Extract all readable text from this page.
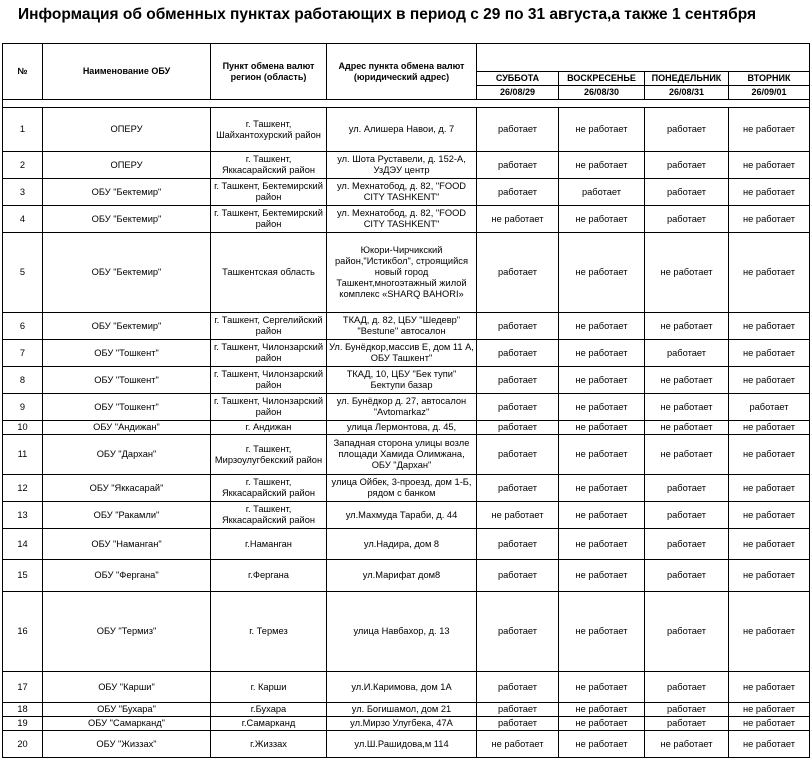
Информация об обменных пунктах работающих в период с 29 по 31 августа,а также 1 сентября
№	Наименование ОБУ	Пункт обмена валют регион (область)	Адрес пункта обмена валют (юридический адрес)				
				СУББОТА	ВОСКРЕСЕНЬЕ	ПОНЕДЕЛЬНИК	ВТОРНИК
				26/08/29	26/08/30	26/08/31	26/09/01

1	ОПЕРУ	г. Ташкент, Шайхантохурский район	ул. Алишера Навои, д. 7	работает	не работает	работает	не работает
2	ОПЕРУ	г. Ташкент, Яккасарайский район	ул. Шота Руставели, д. 152-А, УзДЭУ центр	работает	не работает	работает	не работает
3	ОБУ "Бектемир"	г. Ташкент, Бектемирский район	ул. Мехнатобод, д. 82, "FOOD CITY TASHKENT"	работает	работает	работает	не работает
4	ОБУ "Бектемир"	г. Ташкент, Бектемирский район	ул. Мехнатобод, д. 82, "FOOD CITY TASHKENT"	не работает	не работает	работает	не работает
5	ОБУ "Бектемир"	Ташкентская область	Юкори-Чирчикский район,"Истикбол", строящийся новый город Ташкент,многоэтажный жилой комплекс «SHARQ BAHORI»	работает	не работает	не работает	не работает
6	ОБУ "Бектемир"	г. Ташкент, Сергелийский район	ТКАД, д. 82, ЦБУ "Шедевр" "Bestune" автосалон	работает	не работает	не работает	не работает
7	ОБУ "Тошкент"	г. Ташкент, Чилонзарский район	Ул. Бунёдкор,массив Е, дом 11 А, ОБУ Ташкент"	работает	не работает	работает	не работает
8	ОБУ "Тошкент"	г. Ташкент, Чилонзарский район	ТКАД, 10, ЦБУ "Бек тупи" Бектупи базар	работает	не работает	не работает	не работает
9	ОБУ "Тошкент"	г. Ташкент, Чилонзарский район	ул. Бунёдкор д. 27, автосалон "Avtomarkaz"	работает	не работает	не работает	работает
10	ОБУ "Андижан"	г. Андижан	улица Лермонтова, д. 45,	работает	не работает	не работает	не работает
11	ОБУ "Дархан"	г. Ташкент, Мирзоулугбекский район	Западная сторона улицы возле площади Хамида Олимжана, ОБУ "Дархан"	работает	не работает	не работает	не работает
12	ОБУ "Яккасарай"	г. Ташкент, Яккасарайский район	улица Ойбек, 3-проезд, дом 1-Б, рядом с банком	работает	не работает	работает	не работает
13	ОБУ "Ракамли"	г. Ташкент, Яккасарайский район	ул.Махмуда Тараби, д. 44	не работает	не работает	работает	не работает
14	ОБУ "Наманган"	г.Наманган	ул.Надира, дом 8	работает	не работает	работает	не работает
15	ОБУ "Фергана"	г.Фергана	ул.Марифат дом8	работает	не работает	работает	не работает
16	ОБУ "Термиз"	г. Термез	улица Навбахор, д. 13	работает	не работает	работает	не работает
17	ОБУ "Карши"	г. Карши	ул.И.Каримова, дом 1А	работает	не работает	работает	не работает
18	ОБУ "Бухара"	г.Бухара	ул. Богишамол, дом 21	работает	не работает	работает	не работает
19	ОБУ "Самарканд"	г.Самарканд	ул.Мирзо Улугбека, 47А	работает	не работает	работает	не работает
20	ОБУ "Жиззах"	г.Жиззах	ул.Ш.Рашидова,м 114	не работает	не работает	не работает	не работает
